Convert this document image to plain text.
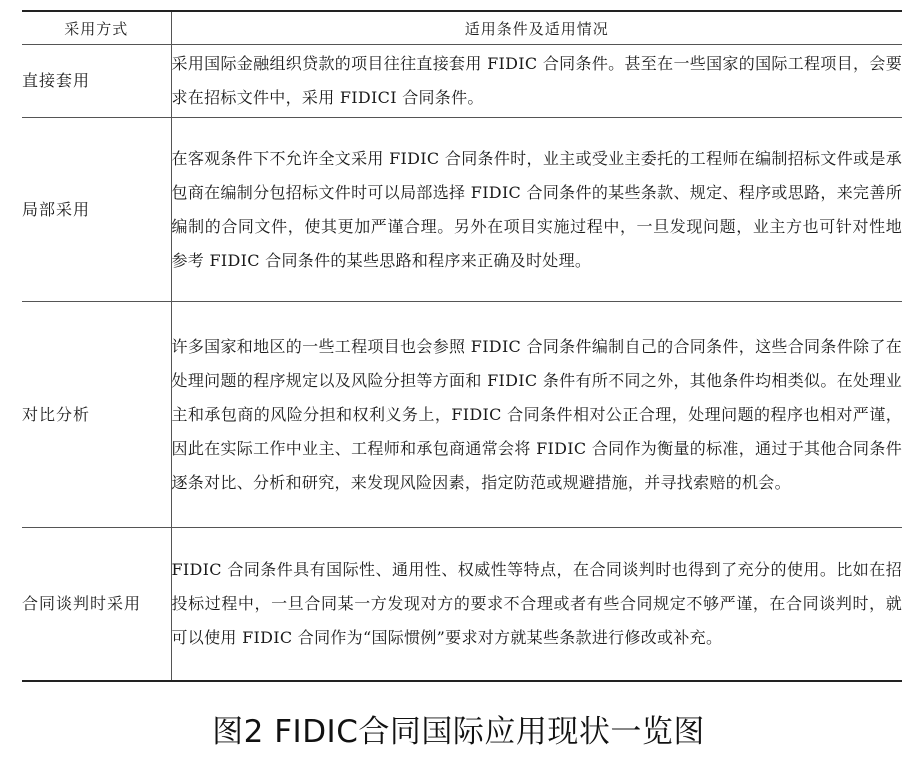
采用方式	适用条件及适用情况
直接套用	采用国际金融组织贷款的项目往往直接套用 FIDIC 合同条件。甚至在一些国家的国际工程项目，会要求在招标文件中，采用 FIDICI 合同条件。
局部采用	在客观条件下不允许全文采用 FIDIC 合同条件时，业主或受业主委托的工程师在编制招标文件或是承包商在编制分包招标文件时可以局部选择 FIDIC 合同条件的某些条款、规定、程序或思路，来完善所编制的合同文件，使其更加严谨合理。另外在项目实施过程中，一旦发现问题，业主方也可针对性地参考 FIDIC 合同条件的某些思路和程序来正确及时处理。
对比分析	许多国家和地区的一些工程项目也会参照 FIDIC 合同条件编制自己的合同条件，这些合同条件除了在处理问题的程序规定以及风险分担等方面和 FIDIC 条件有所不同之外，其他条件均相类似。在处理业主和承包商的风险分担和权利义务上，FIDIC 合同条件相对公正合理，处理问题的程序也相对严谨，因此在实际工作中业主、工程师和承包商通常会将 FIDIC 合同作为衡量的标准，通过于其他合同条件逐条对比、分析和研究，来发现风险因素，指定防范或规避措施，并寻找索赔的机会。
合同谈判时采用	FIDIC 合同条件具有国际性、通用性、权威性等特点，在合同谈判时也得到了充分的使用。比如在招投标过程中，一旦合同某一方发现对方的要求不合理或者有些合同规定不够严谨，在合同谈判时，就可以使用 FIDIC 合同作为“国际惯例”要求对方就某些条款进行修改或补充。
图2 FIDIC合同国际应用现状一览图
